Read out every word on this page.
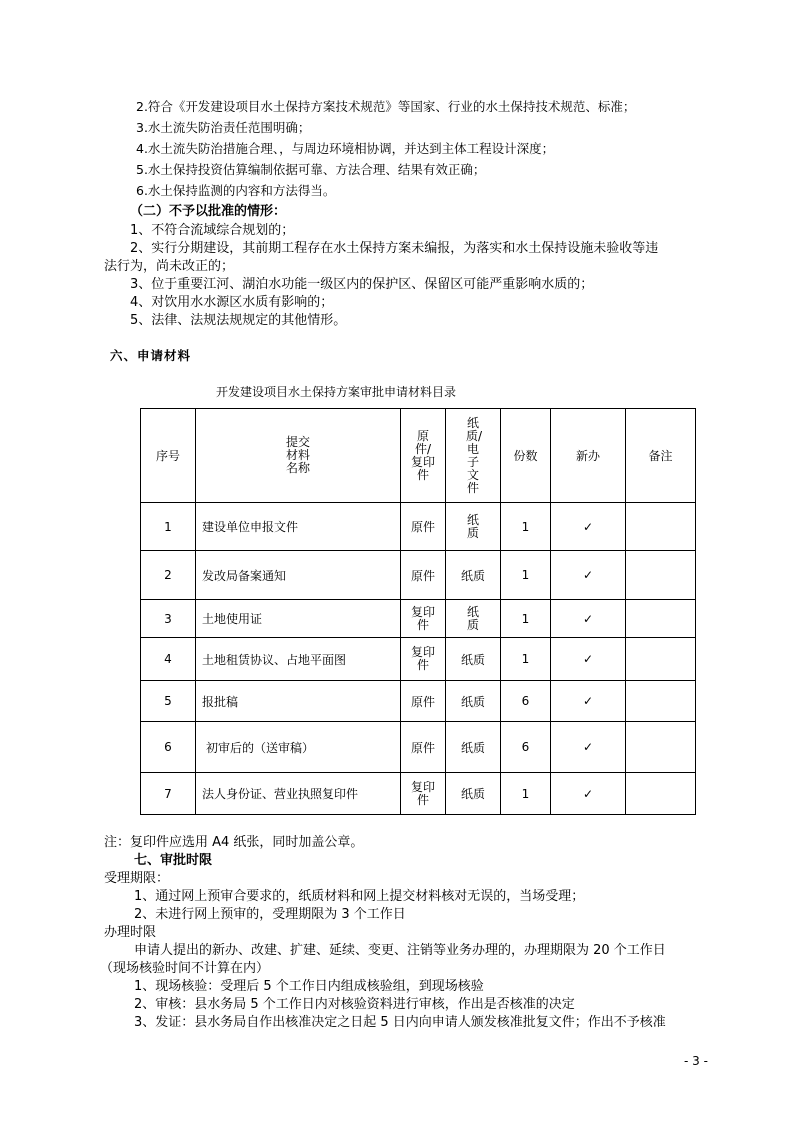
2.符合《开发建设项目水土保持方案技术规范》等国家、行业的水土保持技术规范、标准；
3.水土流失防治责任范围明确；
4.水土流失防治措施合理、，与周边环境相协调，并达到主体工程设计深度；
5.水土保持投资估算编制依据可靠、方法合理、结果有效正确；
6.水土保持监测的内容和方法得当。
（二）不予以批准的情形：
1、不符合流域综合规划的；
2、实行分期建设，其前期工程存在水土保持方案未编报，为落实和水土保持设施未验收等违
法行为，尚未改正的；
3、位于重要江河、湖泊水功能一级区内的保护区、保留区可能严重影响水质的；
4、对饮用水水源区水质有影响的；
5、法律、法规法规规定的其他情形。
六、申请材料
开发建设项目水土保持方案审批申请材料目录
序号	提交材料名称	原件/复印件	纸质/电子文件	份数	新办	备注
1	建设单位申报文件	原件	纸质	1	✓	
2	发改局备案通知	原件	纸质	1	✓	
3	土地使用证	复印件	纸质	1	✓	
4	土地租赁协议、占地平面图	复印件	纸质	1	✓	
5	报批稿	原件	纸质	6	✓	
6	初审后的（送审稿）	原件	纸质	6	✓	
7	法人身份证、营业执照复印件	复印件	纸质	1	✓	
注：复印件应选用 A4 纸张，同时加盖公章。
七、审批时限
受理期限：
1、通过网上预审合要求的，纸质材料和网上提交材料核对无误的，当场受理；
2、未进行网上预审的，受理期限为 3 个工作日
办理时限
申请人提出的新办、改建、扩建、延续、变更、注销等业务办理的，办理期限为 20 个工作日
（现场核验时间不计算在内）
1、现场核验：受理后 5 个工作日内组成核验组，到现场核验
2、审核：县水务局 5 个工作日内对核验资料进行审核，作出是否核准的决定
3、发证：县水务局自作出核准决定之日起 5 日内向申请人颁发核准批复文件；作出不予核准
- 3 -
